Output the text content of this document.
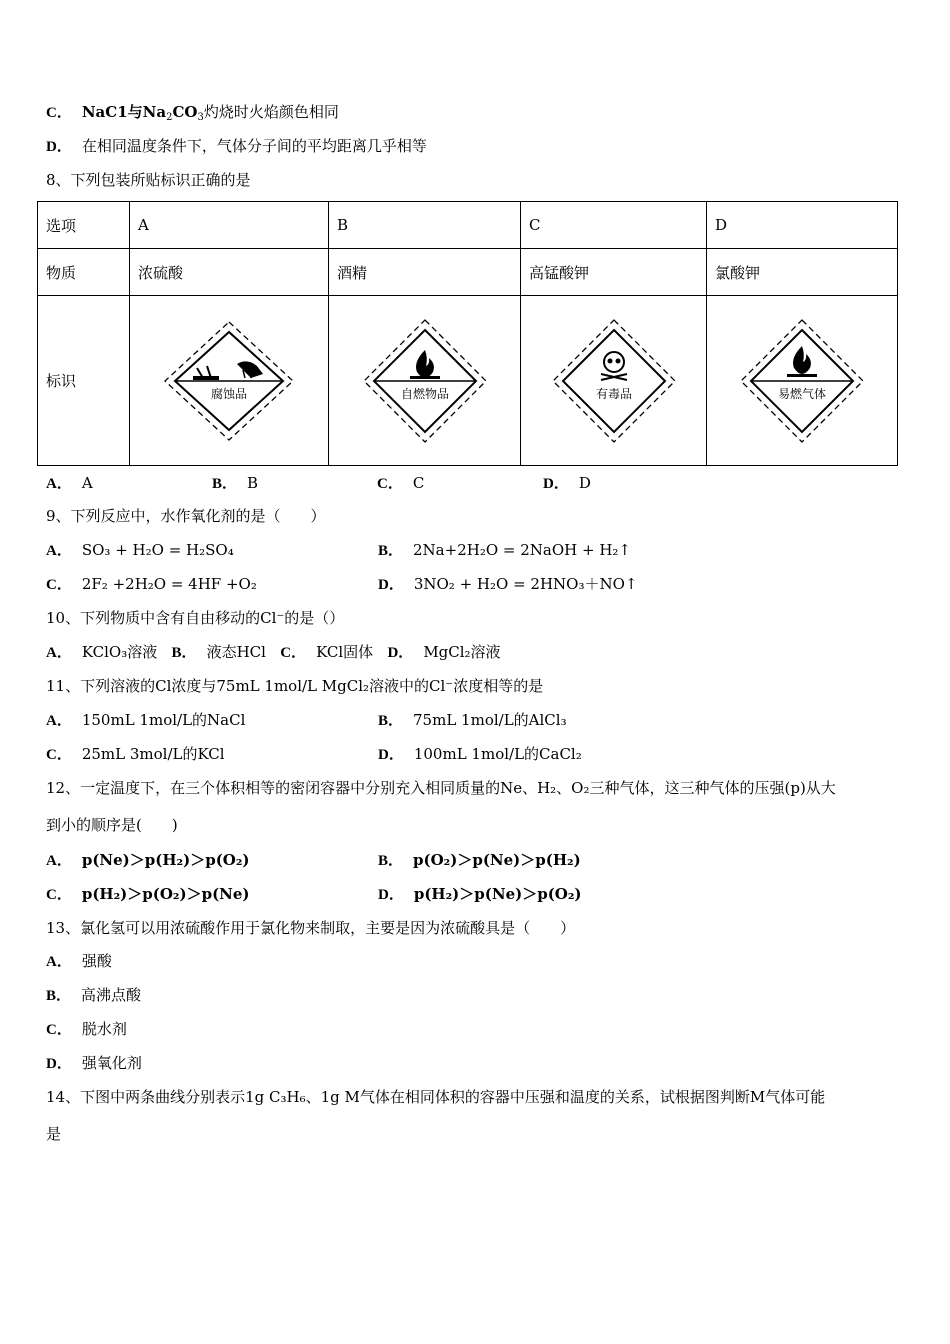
C． NaC1与$Na_2CO_3$灼烧时火焰颜色相同
D． 在相同温度条件下，气体分子间的平均距离几乎相等
8、下列包装所贴标识正确的是
选项	A	B	C	D
物质	浓硫酸	酒精	高锰酸钾	氯酸钾
标识	腐蚀品	自燃物品	有毒品	易燃气体
A． A	B． B	C． C	D． D
9、下列反应中，水作氧化剂的是（　　）
A． SO₃ + H₂O = H₂SO₄	B． 2Na+2H₂O = 2NaOH + H₂↑
C． 2F₂ +2H₂O = 4HF +O₂	D． 3NO₂ + H₂O = 2HNO₃＋NO↑
10、下列物质中含有自由移动的Cl⁻的是（）
A． KClO₃溶液 B． 液态HCl C． KCl固体 D． MgCl₂溶液
11、下列溶液的Cl浓度与75mL 1mol/L MgCl₂溶液中的Cl⁻浓度相等的是
A． 150mL 1mol/L的NaCl	B． 75mL 1mol/L的AlCl₃
C． 25mL 3mol/L的KCl	D． 100mL 1mol/L的CaCl₂
12、一定温度下，在三个体积相等的密闭容器中分别充入相同质量的Ne、H₂、O₂三种气体，这三种气体的压强(p)从大
到小的顺序是(　　)
A． p(Ne)＞p(H₂)＞p(O₂)	B． p(O₂)＞p(Ne)＞p(H₂)
C． p(H₂)＞p(O₂)＞p(Ne)	D． p(H₂)＞p(Ne)＞p(O₂)
13、氯化氢可以用浓硫酸作用于氯化物来制取，主要是因为浓硫酸具是（　　）
A． 强酸
B． 高沸点酸
C． 脱水剂
D． 强氧化剂
14、下图中两条曲线分别表示1g C₃H₆、1g M气体在相同体积的容器中压强和温度的关系，试根据图判断M气体可能
是
